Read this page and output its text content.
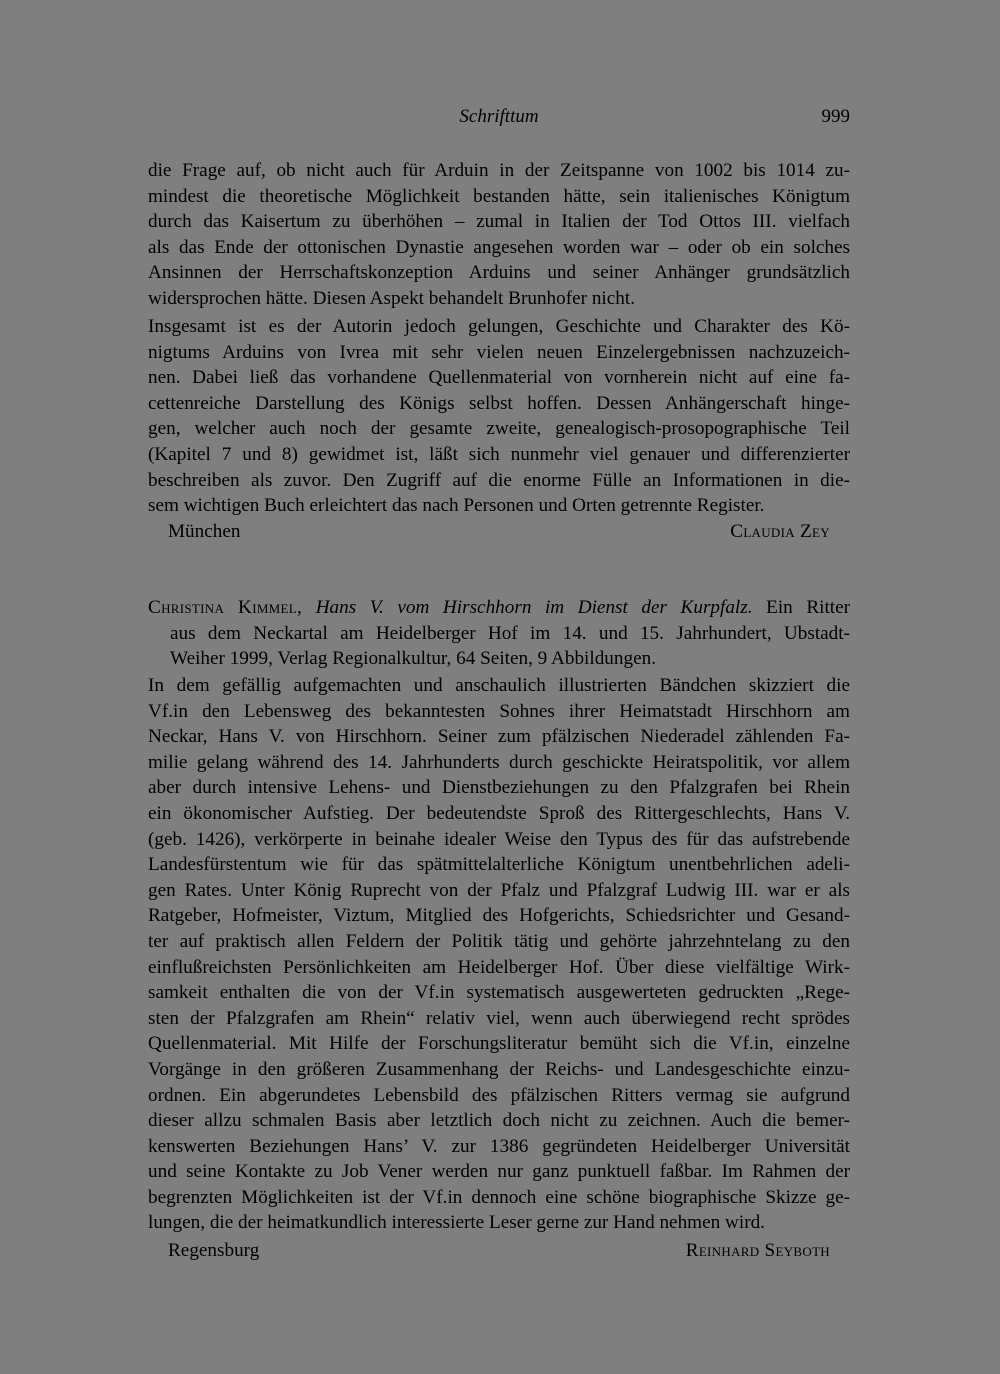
Schrifttum	999
die Frage auf, ob nicht auch für Arduin in der Zeitspanne von 1002 bis 1014 zu-
mindest die theoretische Möglichkeit bestanden hätte, sein italienisches Königtum
durch das Kaisertum zu überhöhen – zumal in Italien der Tod Ottos III. vielfach
als das Ende der ottonischen Dynastie angesehen worden war – oder ob ein solches
Ansinnen der Herrschaftskonzeption Arduins und seiner Anhänger grundsätzlich
widersprochen hätte. Diesen Aspekt behandelt Brunhofer nicht.
Insgesamt ist es der Autorin jedoch gelungen, Geschichte und Charakter des Kö-
nigtums Arduins von Ivrea mit sehr vielen neuen Einzelergebnissen nachzuzeich-
nen. Dabei ließ das vorhandene Quellenmaterial von vornherein nicht auf eine fa-
cettenreiche Darstellung des Königs selbst hoffen. Dessen Anhängerschaft hinge-
gen, welcher auch noch der gesamte zweite, genealogisch-prosopographische Teil
(Kapitel 7 und 8) gewidmet ist, läßt sich nunmehr viel genauer und differenzierter
beschreiben als zuvor. Den Zugriff auf die enorme Fülle an Informationen in die-
sem wichtigen Buch erleichtert das nach Personen und Orten getrennte Register.
München	Claudia Zey
Christina Kimmel, Hans V. vom Hirschhorn im Dienst der Kurpfalz. Ein Ritter
aus dem Neckartal am Heidelberger Hof im 14. und 15. Jahrhundert, Ubstadt-
Weiher 1999, Verlag Regionalkultur, 64 Seiten, 9 Abbildungen.
In dem gefällig aufgemachten und anschaulich illustrierten Bändchen skizziert die
Vf.in den Lebensweg des bekanntesten Sohnes ihrer Heimatstadt Hirschhorn am
Neckar, Hans V. von Hirschhorn. Seiner zum pfälzischen Niederadel zählenden Fa-
milie gelang während des 14. Jahrhunderts durch geschickte Heiratspolitik, vor allem
aber durch intensive Lehens- und Dienstbeziehungen zu den Pfalzgrafen bei Rhein
ein ökonomischer Aufstieg. Der bedeutendste Sproß des Rittergeschlechts, Hans V.
(geb. 1426), verkörperte in beinahe idealer Weise den Typus des für das aufstrebende
Landesfürstentum wie für das spätmittelalterliche Königtum unentbehrlichen adeli-
gen Rates. Unter König Ruprecht von der Pfalz und Pfalzgraf Ludwig III. war er als
Ratgeber, Hofmeister, Viztum, Mitglied des Hofgerichts, Schiedsrichter und Gesand-
ter auf praktisch allen Feldern der Politik tätig und gehörte jahrzehntelang zu den
einflußreichsten Persönlichkeiten am Heidelberger Hof. Über diese vielfältige Wirk-
samkeit enthalten die von der Vf.in systematisch ausgewerteten gedruckten „Rege-
sten der Pfalzgrafen am Rhein“ relativ viel, wenn auch überwiegend recht sprödes
Quellenmaterial. Mit Hilfe der Forschungsliteratur bemüht sich die Vf.in, einzelne
Vorgänge in den größeren Zusammenhang der Reichs- und Landesgeschichte einzu-
ordnen. Ein abgerundetes Lebensbild des pfälzischen Ritters vermag sie aufgrund
dieser allzu schmalen Basis aber letztlich doch nicht zu zeichnen. Auch die bemer-
kenswerten Beziehungen Hans’ V. zur 1386 gegründeten Heidelberger Universität
und seine Kontakte zu Job Vener werden nur ganz punktuell faßbar. Im Rahmen der
begrenzten Möglichkeiten ist der Vf.in dennoch eine schöne biographische Skizze ge-
lungen, die der heimatkundlich interessierte Leser gerne zur Hand nehmen wird.
Regensburg	Reinhard Seyboth
